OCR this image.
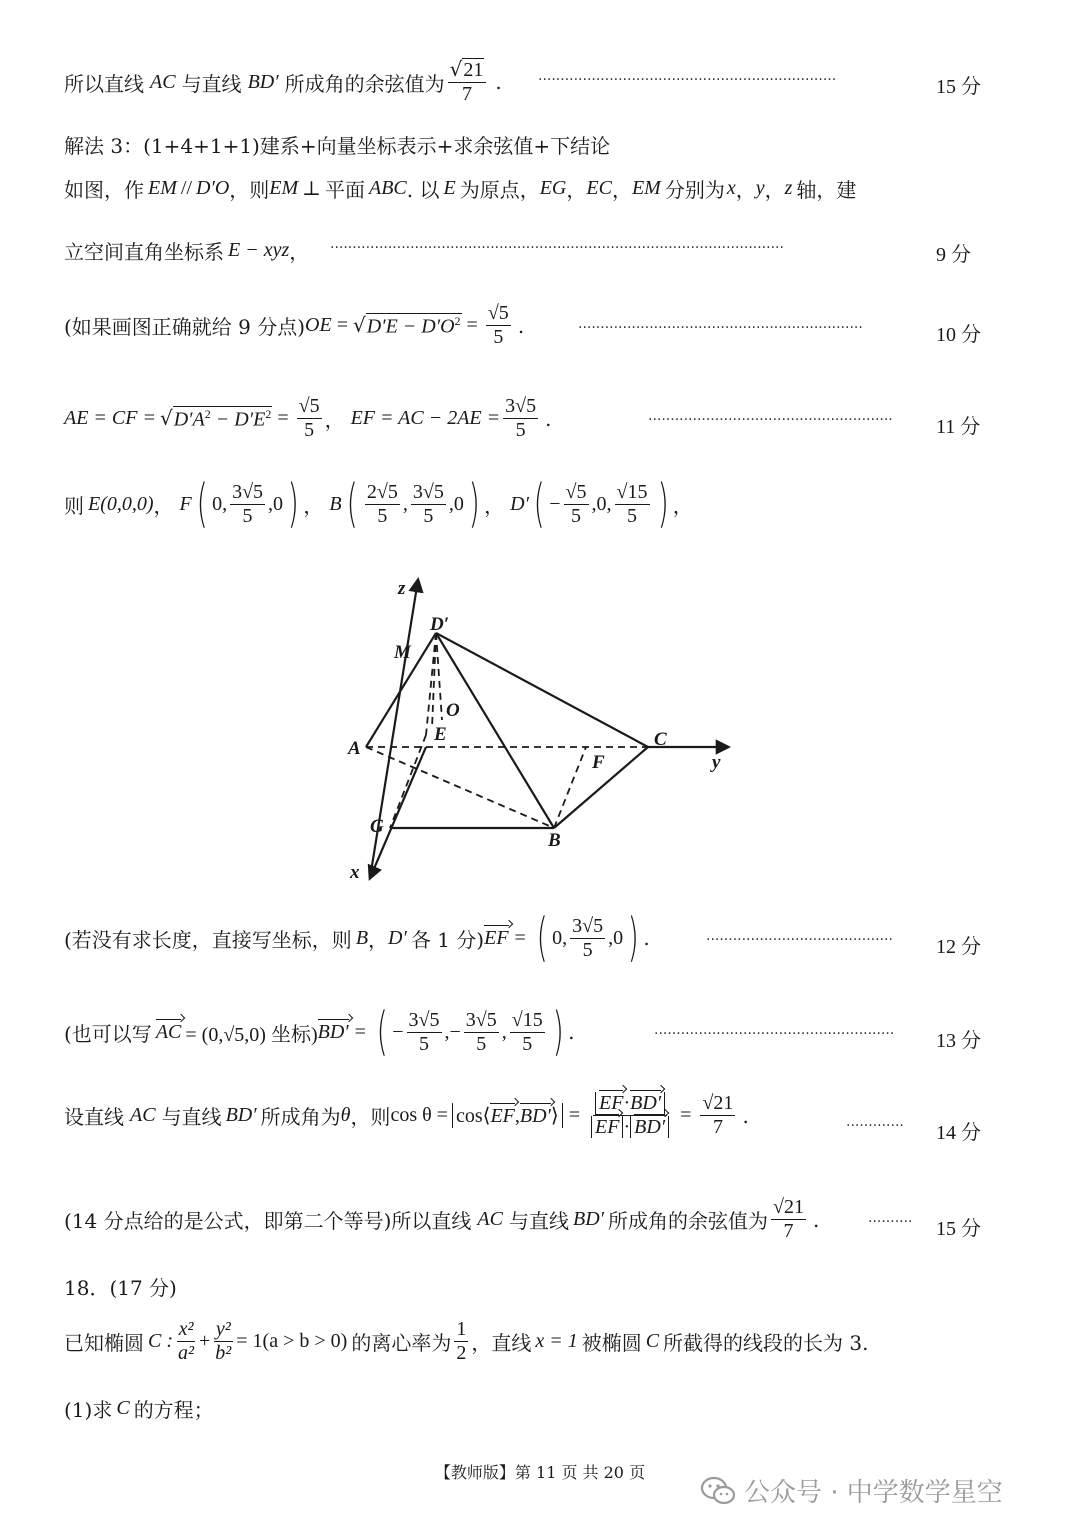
所以直线 AC 与直线 BD′ 所成角的余弦值为 $\frac{√ 21}{7}$ .	···································································	15 分
解法 3：(1+4+1+1)建系+向量坐标表示+求余弦值+下结论
如图，作 EM // D′O ，则 EM ⊥ 平面 ABC . 以 E 为原点， EG ， EC ， EM 分别为 x ， y ， z 轴，建
立空间直角坐标系 E − xyz ， ······································································································	9 分
(如果画图正确就给 9 分点) OE = √ $D'E - D'O^2 = \frac{√5}{5}$ .	································································	10 分
AE = CF = √ $D'A^2 - D'E^2 = \frac{√5}{5}$ ， EF = AC − $2AE = \frac{3√5}{5}$ .	······················································· 11 分
则 E(0,0,0) ， F ( 0, $\frac{3√5}{5} ,0$ ) ， B ( $\frac{2√5}{5}$ , $\frac{3√5}{5} ,0$ ) ， D′ ( − $\frac{√5}{5} ,0$, $\frac{√15}{5}$ ) ，
z
D′
M
O
E
A	C
y
F
G
B
x
(若没有求长度，直接写坐标，则 B ， D′ 各 1 分) EF = ( 0, $\frac{3√5}{5} ,0$ ) .	·········································· 12 分
(也可以写 AC = (0,√5,0) 坐标) BD′ = ( − $\frac{3√5}{5}$ ,− $\frac{3√5}{5}$ , $\frac{√15}{5}$ ) .	······················································ 13 分
设直线 AC 与直线 BD′ 所成角为 θ ，则 cos θ = cos⟨EF,BD′⟩ = $\frac{EF\cdot BD'}{EF \cdot BD'} = \frac{√21}{7}$ .	············· 14 分
(14 分点给的是公式，即第二个等号)所以直线 AC 与直线 BD′ 所成角的余弦值为 $\frac{√21}{7}$ .	·········· 15 分
18．(17 分)
已知椭圆 C : $\frac{\text{x²}}{\text{a²}} + \frac{\text{y²}}{\text{b²}} = 1(a > b > 0)$ 的离心率为 $\frac{1}{2}$ ，直线 x = 1 被椭圆 C 所截得的线段的长为 3.
(1)求 C 的方程；
【教师版】第 11 页 共 20 页
公众号 · 中学数学星空
